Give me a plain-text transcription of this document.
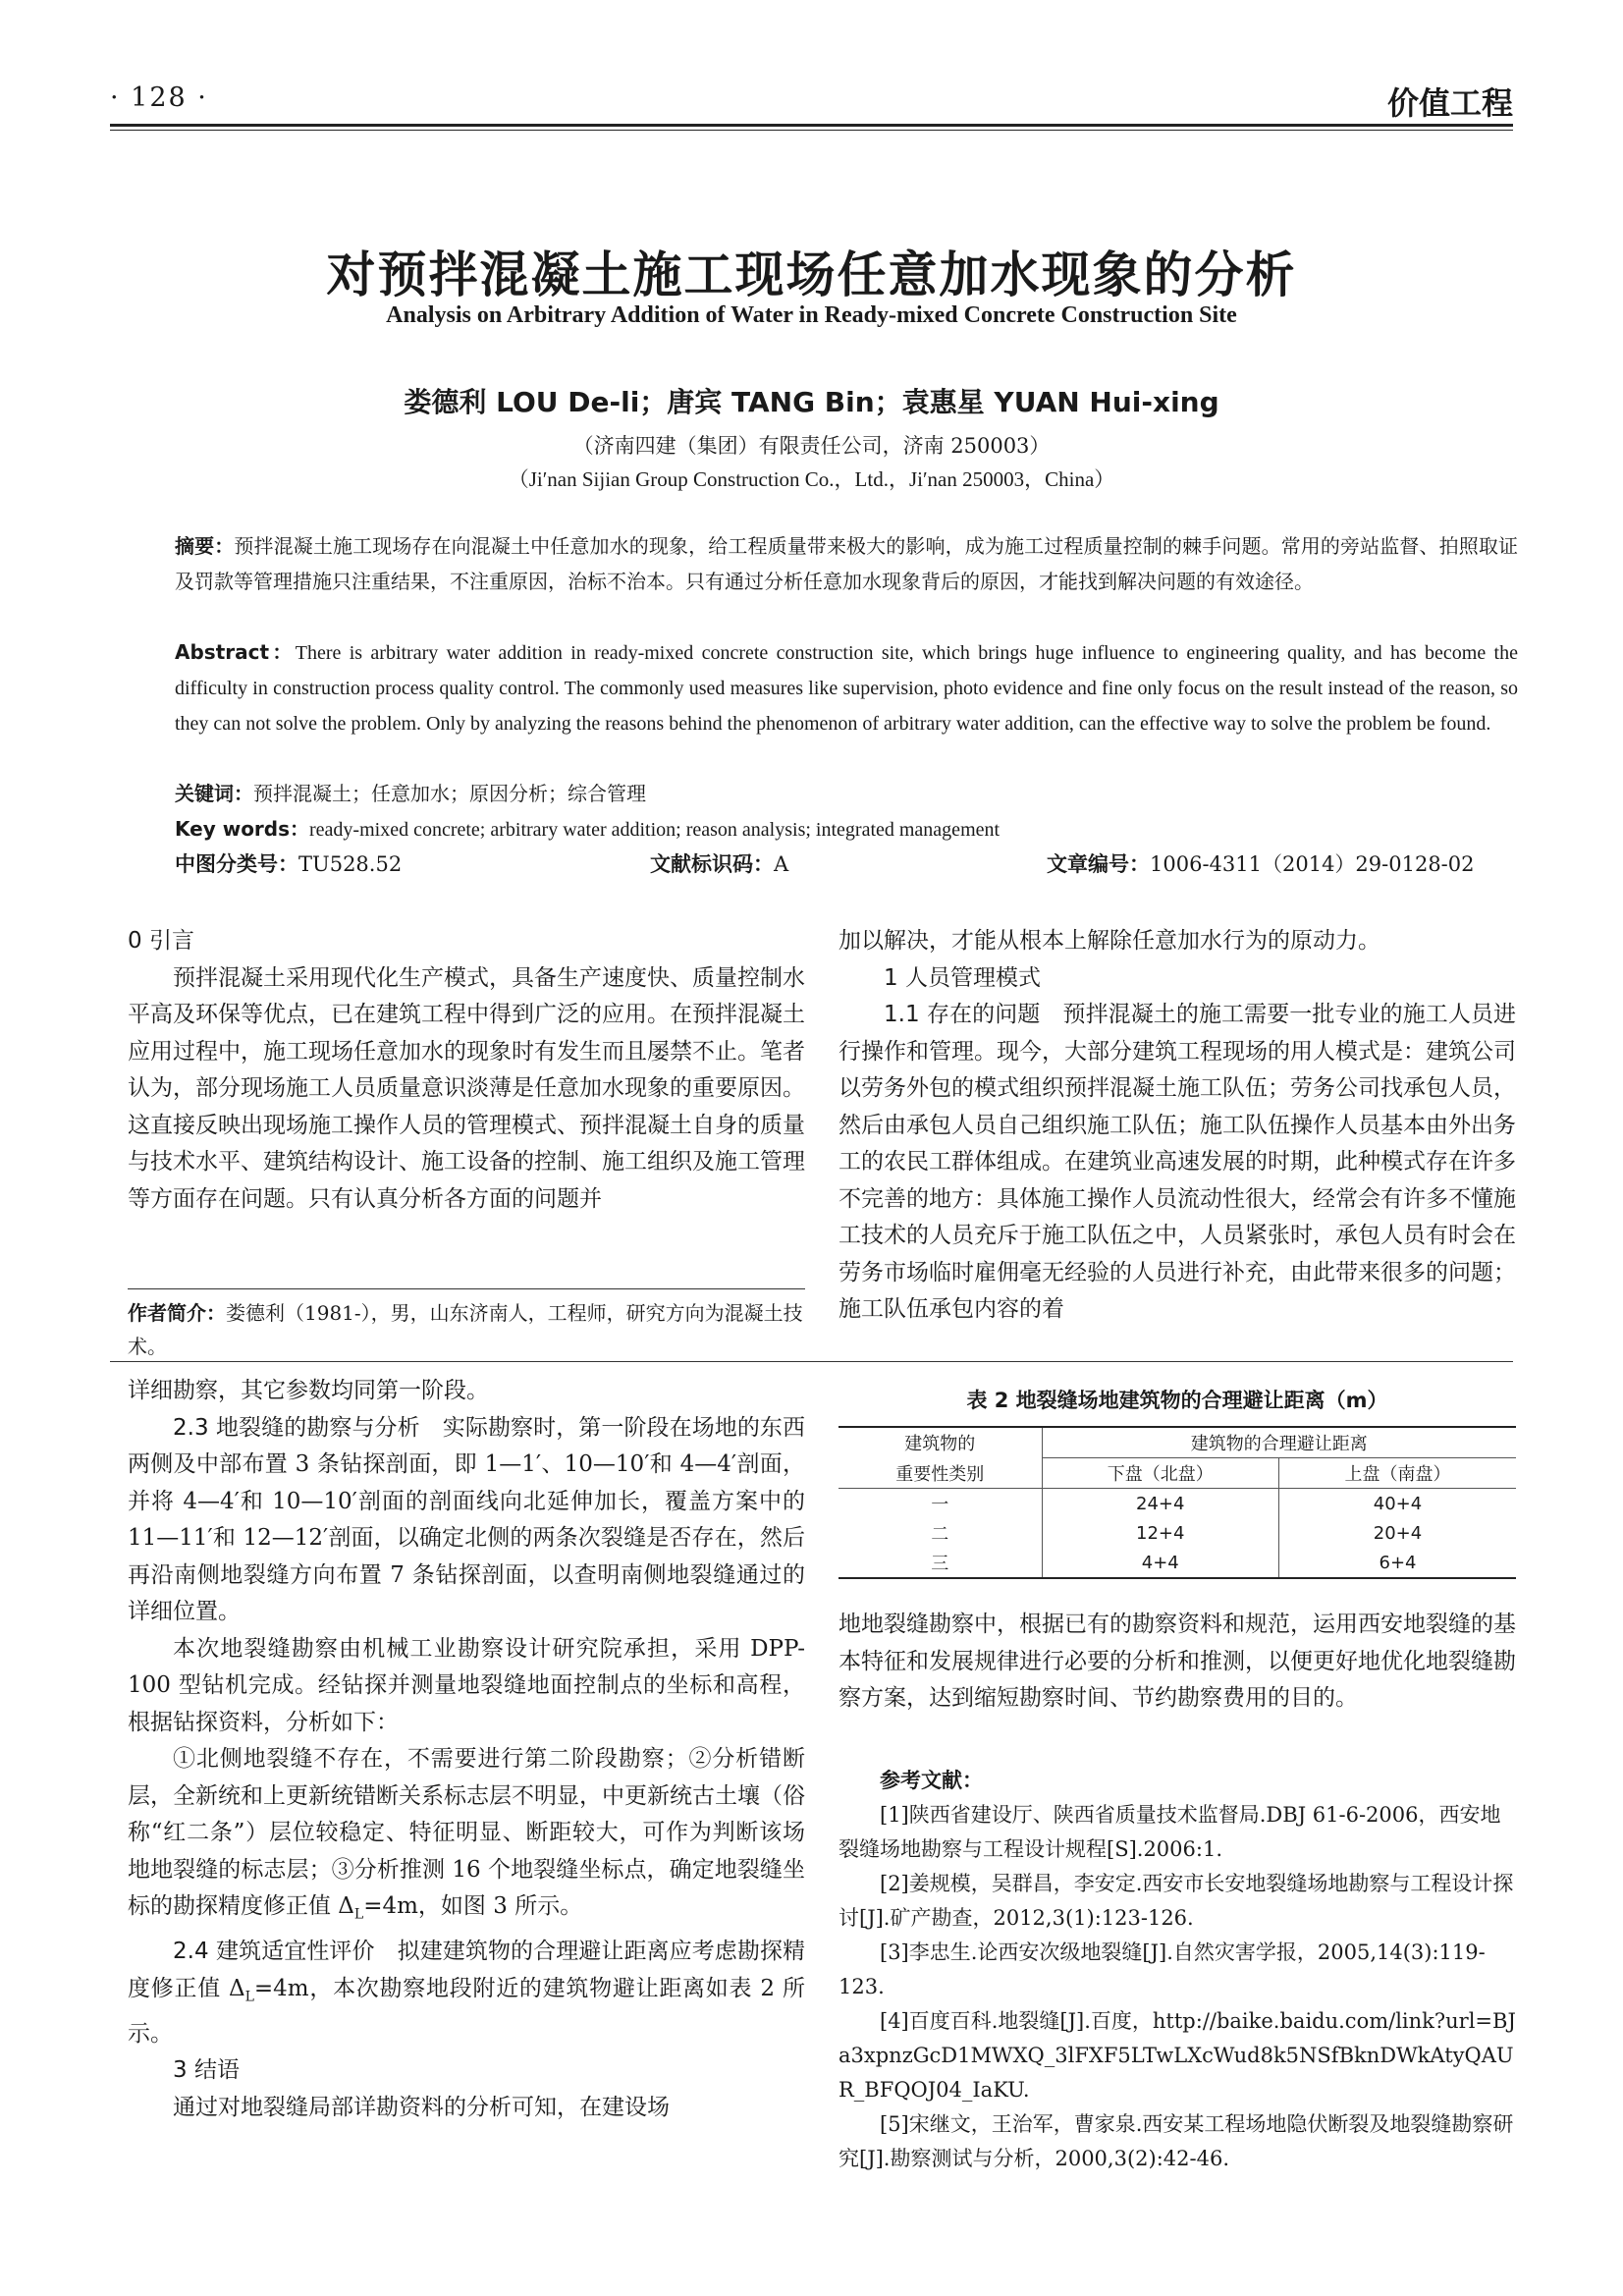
· 128 ·	价值工程
对预拌混凝土施工现场任意加水现象的分析
Analysis on Arbitrary Addition of Water in Ready-mixed Concrete Construction Site
娄德利 LOU De-li；唐宾 TANG Bin；袁惠星 YUAN Hui-xing
（济南四建（集团）有限责任公司，济南 250003）
（Ji′nan Sijian Group Construction Co.，Ltd.，Ji′nan 250003，China）
摘要：预拌混凝土施工现场存在向混凝土中任意加水的现象，给工程质量带来极大的影响，成为施工过程质量控制的棘手问题。常用的旁站监督、拍照取证及罚款等管理措施只注重结果，不注重原因，治标不治本。只有通过分析任意加水现象背后的原因，才能找到解决问题的有效途径。
Abstract：There is arbitrary water addition in ready-mixed concrete construction site, which brings huge influence to engineering quality, and has become the difficulty in construction process quality control. The commonly used measures like supervision, photo evidence and fine only focus on the result instead of the reason, so they can not solve the problem. Only by analyzing the reasons behind the phenomenon of arbitrary water addition, can the effective way to solve the problem be found.
关键词：预拌混凝土；任意加水；原因分析；综合管理
Key words：ready-mixed concrete; arbitrary water addition; reason analysis; integrated management
中图分类号：TU528.52	文献标识码：A	文章编号：1006-4311（2014）29-0128-02

0 引言

预拌混凝土采用现代化生产模式，具备生产速度快、质量控制水平高及环保等优点，已在建筑工程中得到广泛的应用。在预拌混凝土应用过程中，施工现场任意加水的现象时有发生而且屡禁不止。笔者认为，部分现场施工人员质量意识淡薄是任意加水现象的重要原因。这直接反映出现场施工操作人员的管理模式、预拌混凝土自身的质量与技术水平、建筑结构设计、施工设备的控制、施工组织及施工管理等方面存在问题。只有认真分析各方面的问题并

作者简介：娄德利（1981-），男，山东济南人，工程师，研究方向为混凝土技术。

加以解决，才能从根本上解除任意加水行为的原动力。

1 人员管理模式

1.1 存在的问题　 预拌混凝土的施工需要一批专业的施工人员进行操作和管理。现今，大部分建筑工程现场的用人模式是：建筑公司以劳务外包的模式组织预拌混凝土施工队伍；劳务公司找承包人员，然后由承包人员自己组织施工队伍；施工队伍操作人员基本由外出务工的农民工群体组成。在建筑业高速发展的时期，此种模式存在许多不完善的地方：具体施工操作人员流动性很大，经常会有许多不懂施工技术的人员充斥于施工队伍之中，人员紧张时，承包人员有时会在劳务市场临时雇佣毫无经验的人员进行补充，由此带来很多的问题；施工队伍承包内容的着

详细勘察，其它参数均同第一阶段。

2.3 地裂缝的勘察与分析　 实际勘察时，第一阶段在场地的东西两侧及中部布置 3 条钻探剖面，即 1—1′、10—10′和 4—4′剖面，并将 4—4′和 10—10′剖面的剖面线向北延伸加长，覆盖方案中的 11—11′和 12—12′剖面，以确定北侧的两条次裂缝是否存在，然后再沿南侧地裂缝方向布置 7 条钻探剖面，以查明南侧地裂缝通过的详细位置。

本次地裂缝勘察由机械工业勘察设计研究院承担，采用 DPP-100 型钻机完成。经钻探并测量地裂缝地面控制点的坐标和高程，根据钻探资料，分析如下：

①北侧地裂缝不存在，不需要进行第二阶段勘察；②分析错断层，全新统和上更新统错断关系标志层不明显，中更新统古土壤（俗称“红二条”）层位较稳定、特征明显、断距较大，可作为判断该场地地裂缝的标志层；③分析推测 16 个地裂缝坐标点，确定地裂缝坐标的勘探精度修正值 $\Delta_L=4m$，如图 3 所示。

2.4 建筑适宜性评价　 拟建建筑物的合理避让距离应考虑勘探精度修正值 $\Delta_L=4m$，本次勘察地段附近的建筑物避让距离如表 2 所示。

3 结语

通过对地裂缝局部详勘资料的分析可知，在建设场

表 2 地裂缝场地建筑物的合理避让距离（m）
建筑物的	建筑物的合理避让距离	
重要性类别	下盘（北盘）	上盘（南盘）
一	24+4	40+4
二	12+4	20+4
三	4+4	6+4

地地裂缝勘察中，根据已有的勘察资料和规范，运用西安地裂缝的基本特征和发展规律进行必要的分析和推测，以便更好地优化地裂缝勘察方案，达到缩短勘察时间、节约勘察费用的目的。

参考文献：

[1]陕西省建设厅、陕西省质量技术监督局.DBJ 61-6-2006，西安地裂缝场地勘察与工程设计规程[S].2006:1.

[2]姜规模，吴群昌，李安定.西安市长安地裂缝场地勘察与工程设计探讨[J].矿产勘查，2012,3(1):123-126.

[3]李忠生.论西安次级地裂缝[J].自然灾害学报，2005,14(3):119-123.

[4]百度百科.地裂缝[J].百度，http://baike.baidu.com/link?url=BJa3xpnzGcD1MWXQ_3lFXF5LTwLXcWud8k5NSfBknDWkAtyQAUR_BFQOJ04_IaKU.

[5]宋继文，王治军，曹家泉.西安某工程场地隐伏断裂及地裂缝勘察研究[J].勘察测试与分析，2000,3(2):42-46.
